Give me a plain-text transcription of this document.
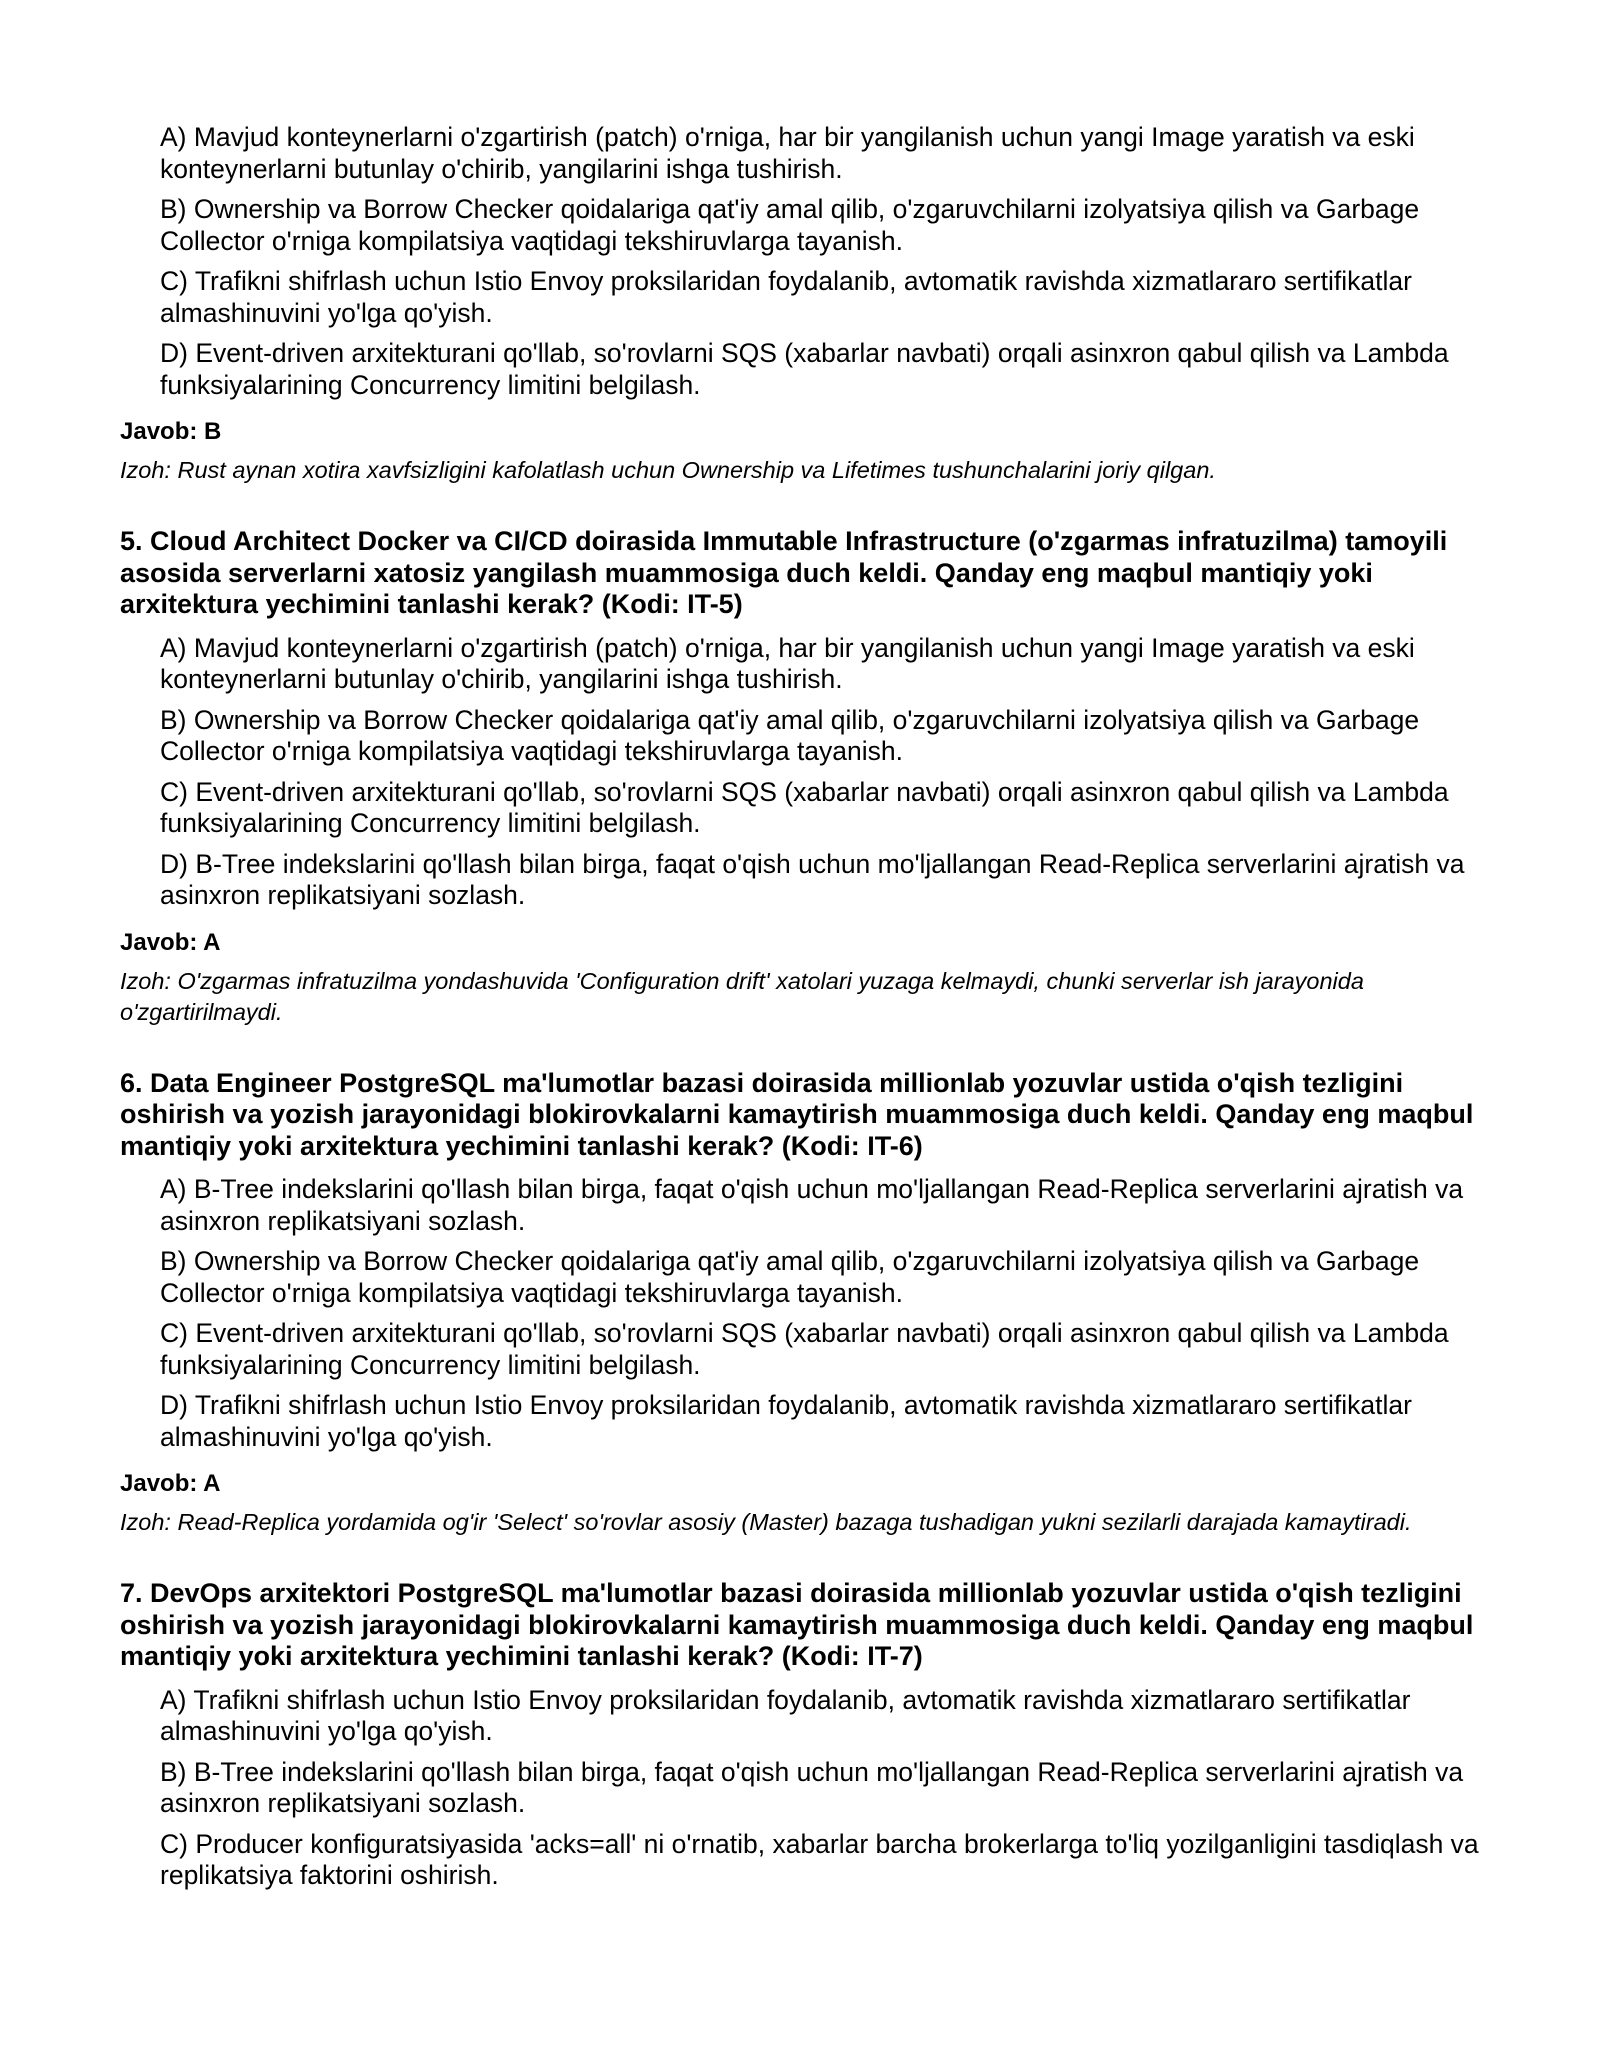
A) Mavjud konteynerlarni o'zgartirish (patch) o'rniga, har bir yangilanish uchun yangi Image yaratish va eski konteynerlarni butunlay o'chirib, yangilarini ishga tushirish.
B) Ownership va Borrow Checker qoidalariga qat'iy amal qilib, o'zgaruvchilarni izolyatsiya qilish va Garbage Collector o'rniga kompilatsiya vaqtidagi tekshiruvlarga tayanish.
C) Trafikni shifrlash uchun Istio Envoy proksilaridan foydalanib, avtomatik ravishda xizmatlararo sertifikatlar almashinuvini yo'lga qo'yish.
D) Event-driven arxitekturani qo'llab, so'rovlarni SQS (xabarlar navbati) orqali asinxron qabul qilish va Lambda funksiyalarining Concurrency limitini belgilash.
Javob: B
Izoh: Rust aynan xotira xavfsizligini kafolatlash uchun Ownership va Lifetimes tushunchalarini joriy qilgan.
5. Cloud Architect Docker va CI/CD doirasida Immutable Infrastructure (o'zgarmas infratuzilma) tamoyili asosida serverlarni xatosiz yangilash muammosiga duch keldi. Qanday eng maqbul mantiqiy yoki arxitektura yechimini tanlashi kerak? (Kodi: IT-5)
A) Mavjud konteynerlarni o'zgartirish (patch) o'rniga, har bir yangilanish uchun yangi Image yaratish va eski konteynerlarni butunlay o'chirib, yangilarini ishga tushirish.
B) Ownership va Borrow Checker qoidalariga qat'iy amal qilib, o'zgaruvchilarni izolyatsiya qilish va Garbage Collector o'rniga kompilatsiya vaqtidagi tekshiruvlarga tayanish.
C) Event-driven arxitekturani qo'llab, so'rovlarni SQS (xabarlar navbati) orqali asinxron qabul qilish va Lambda funksiyalarining Concurrency limitini belgilash.
D) B-Tree indekslarini qo'llash bilan birga, faqat o'qish uchun mo'ljallangan Read-Replica serverlarini ajratish va asinxron replikatsiyani sozlash.
Javob: A
Izoh: O'zgarmas infratuzilma yondashuvida 'Configuration drift' xatolari yuzaga kelmaydi, chunki serverlar ish jarayonida o'zgartirilmaydi.
6. Data Engineer PostgreSQL ma'lumotlar bazasi doirasida millionlab yozuvlar ustida o'qish tezligini oshirish va yozish jarayonidagi blokirovkalarni kamaytirish muammosiga duch keldi. Qanday eng maqbul mantiqiy yoki arxitektura yechimini tanlashi kerak? (Kodi: IT-6)
A) B-Tree indekslarini qo'llash bilan birga, faqat o'qish uchun mo'ljallangan Read-Replica serverlarini ajratish va asinxron replikatsiyani sozlash.
B) Ownership va Borrow Checker qoidalariga qat'iy amal qilib, o'zgaruvchilarni izolyatsiya qilish va Garbage Collector o'rniga kompilatsiya vaqtidagi tekshiruvlarga tayanish.
C) Event-driven arxitekturani qo'llab, so'rovlarni SQS (xabarlar navbati) orqali asinxron qabul qilish va Lambda funksiyalarining Concurrency limitini belgilash.
D) Trafikni shifrlash uchun Istio Envoy proksilaridan foydalanib, avtomatik ravishda xizmatlararo sertifikatlar almashinuvini yo'lga qo'yish.
Javob: A
Izoh: Read-Replica yordamida og'ir 'Select' so'rovlar asosiy (Master) bazaga tushadigan yukni sezilarli darajada kamaytiradi.
7. DevOps arxitektori PostgreSQL ma'lumotlar bazasi doirasida millionlab yozuvlar ustida o'qish tezligini oshirish va yozish jarayonidagi blokirovkalarni kamaytirish muammosiga duch keldi. Qanday eng maqbul mantiqiy yoki arxitektura yechimini tanlashi kerak? (Kodi: IT-7)
A) Trafikni shifrlash uchun Istio Envoy proksilaridan foydalanib, avtomatik ravishda xizmatlararo sertifikatlar almashinuvini yo'lga qo'yish.
B) B-Tree indekslarini qo'llash bilan birga, faqat o'qish uchun mo'ljallangan Read-Replica serverlarini ajratish va asinxron replikatsiyani sozlash.
C) Producer konfiguratsiyasida 'acks=all' ni o'rnatib, xabarlar barcha brokerlarga to'liq yozilganligini tasdiqlash va replikatsiya faktorini oshirish.
